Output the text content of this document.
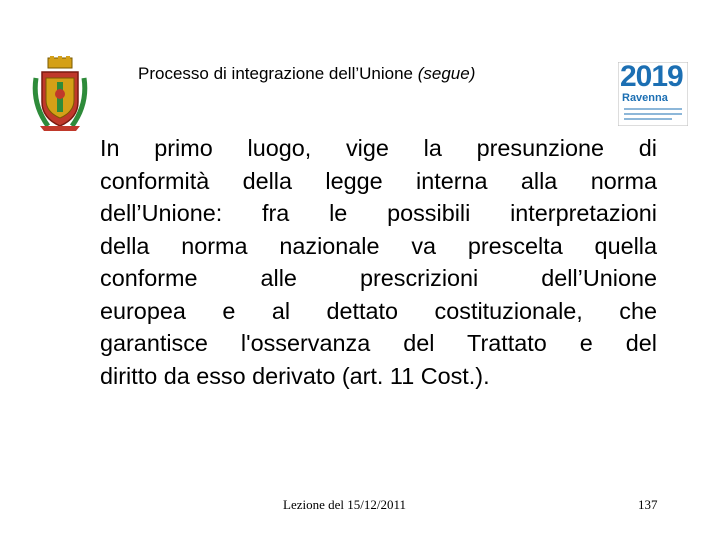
2019
Ravenna
Processo di integrazione dell’Unione (segue)
In primo luogo, vige la presunzione di
conformità della legge interna alla norma
dell’Unione: fra le possibili interpretazioni
della norma nazionale va prescelta quella
conforme alle prescrizioni dell’Unione
europea e al dettato costituzionale, che
garantisce l'osservanza del Trattato e del
diritto da esso derivato (art. 11 Cost.).
Lezione del 15/12/2011	137
